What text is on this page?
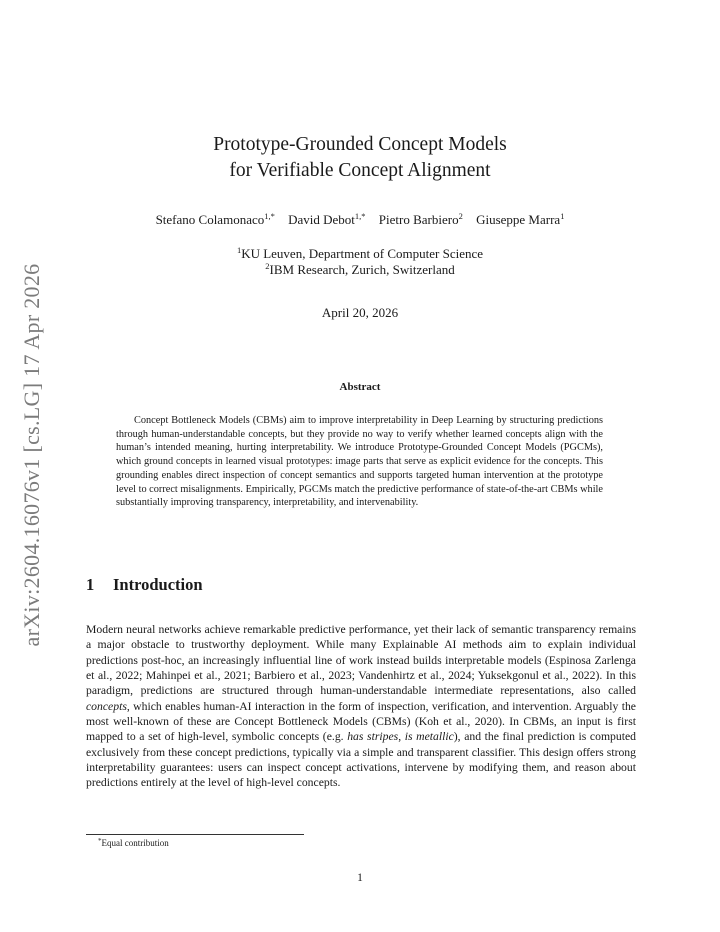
arXiv:2604.16076v1 [cs.LG] 17 Apr 2026
Prototype-Grounded Concept Models
for Verifiable Concept Alignment
Stefano Colamonaco$^{1,*}$ David Debot$^{1,*}$ Pietro Barbiero$^2$ Giuseppe Marra$^1$
$^1$KU Leuven, Department of Computer Science
$^2$IBM Research, Zurich, Switzerland
April 20, 2026
Abstract
Concept Bottleneck Models (CBMs) aim to improve interpretability in Deep Learning by structuring predictions through human-understandable concepts, but they provide no way to verify whether learned concepts align with the human’s intended meaning, hurting interpretability. We introduce Prototype-Grounded Concept Models (PGCMs), which ground concepts in learned visual prototypes: image parts that serve as explicit evidence for the concepts. This grounding enables direct inspection of concept semantics and supports targeted human intervention at the prototype level to correct misalignments. Empirically, PGCMs match the predictive performance of state-of-the-art CBMs while substantially improving transparency, interpretability, and intervenability.
1 Introduction
Modern neural networks achieve remarkable predictive performance, yet their lack of semantic transparency remains a major obstacle to trustworthy deployment. While many Explainable AI methods aim to explain individual predictions post-hoc, an increasingly influential line of work instead builds interpretable models (Espinosa Zarlenga et al., 2022; Mahinpei et al., 2021; Barbiero et al., 2023; Vandenhirtz et al., 2024; Yuksekgonul et al., 2022). In this paradigm, predictions are structured through human-understandable intermediate representations, also called concepts, which enables human-AI interaction in the form of inspection, verification, and intervention. Arguably the most well-known of these are Concept Bottleneck Models (CBMs) (Koh et al., 2020). In CBMs, an input is first mapped to a set of high-level, symbolic concepts (e.g. has stripes, is metallic), and the final prediction is computed exclusively from these concept predictions, typically via a simple and transparent classifier. This design offers strong interpretability guarantees: users can inspect concept activations, intervene by modifying them, and reason about predictions entirely at the level of high-level concepts.
*Equal contribution
1
